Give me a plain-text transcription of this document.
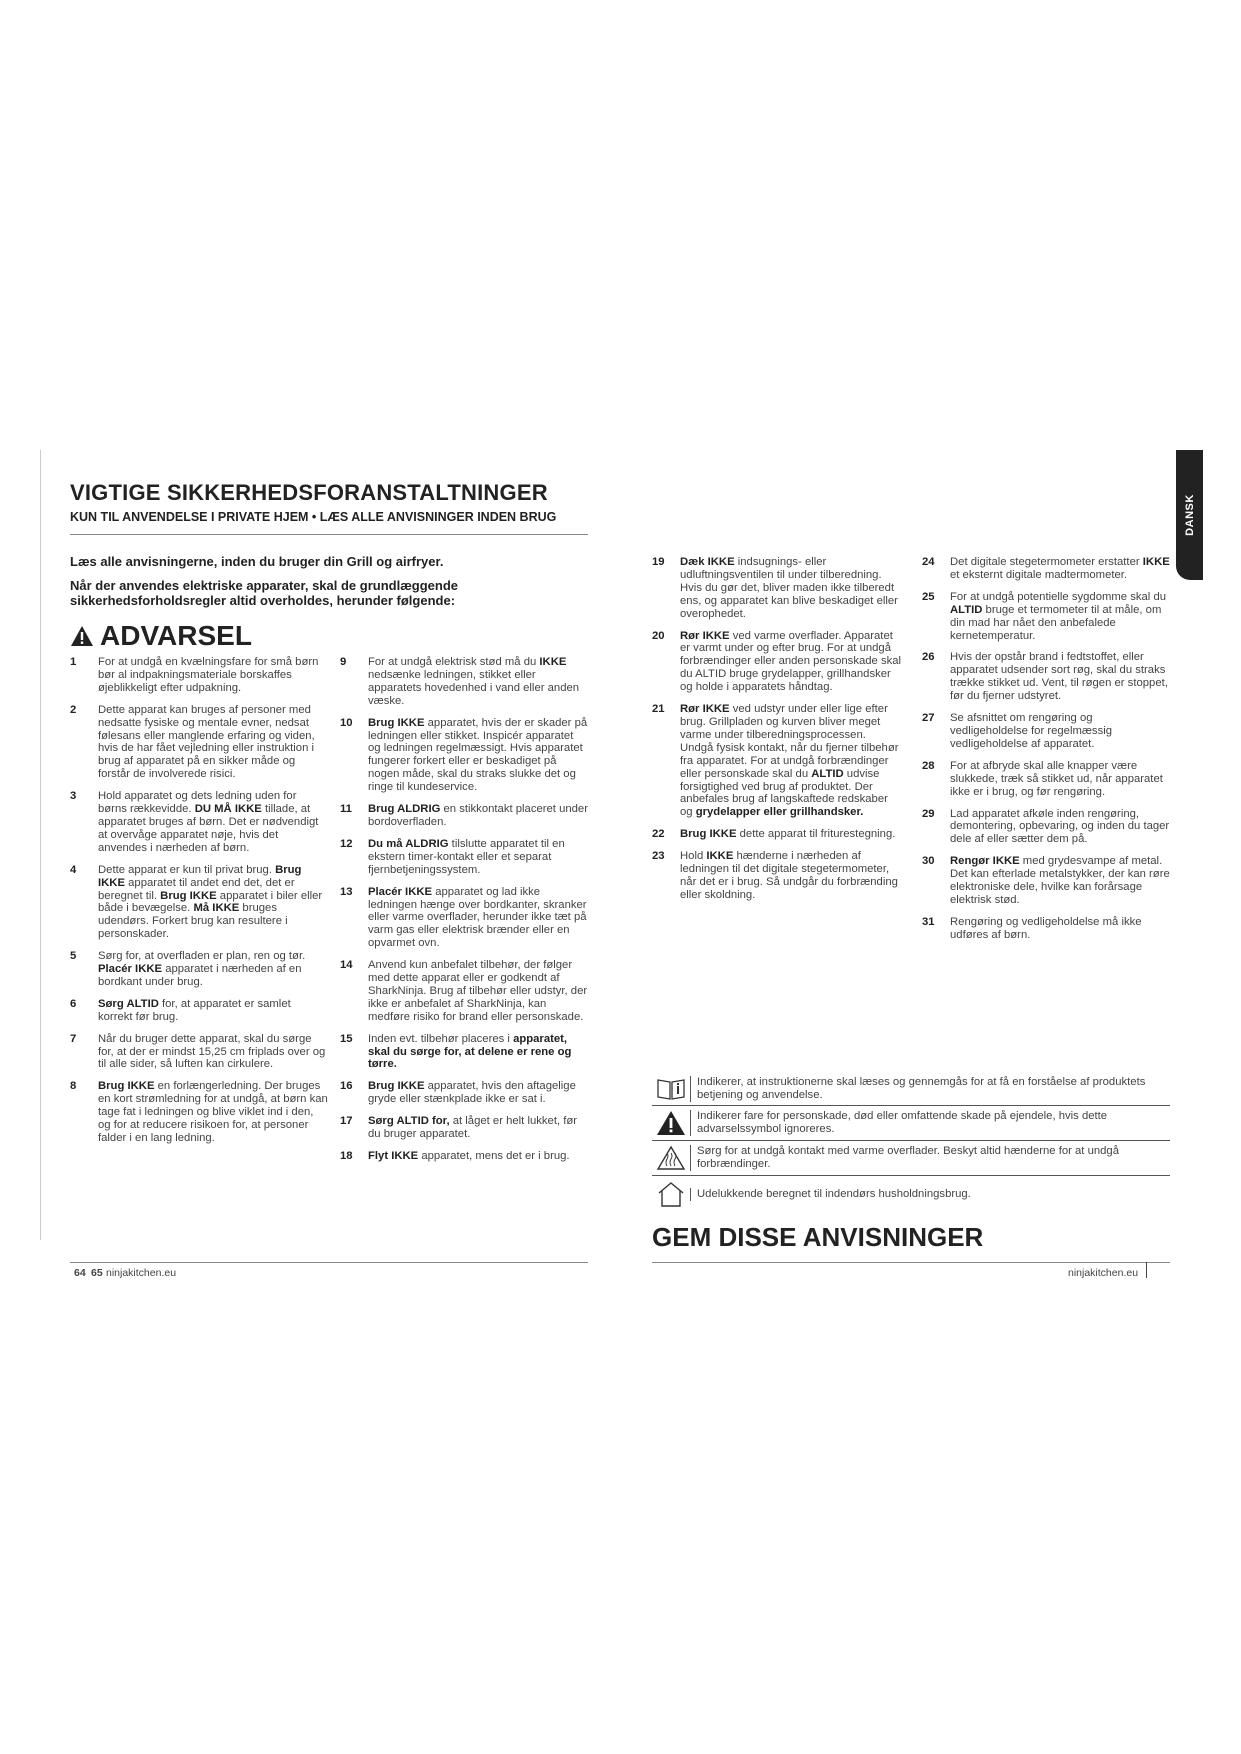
VIGTIGE SIKKERHEDSFORANSTALTNINGER
KUN TIL ANVENDELSE I PRIVATE HJEM • LÆS ALLE ANVISNINGER INDEN BRUG	DANSK
Læs alle anvisningerne, inden du bruger din Grill og airfryer.
Når der anvendes elektriske apparater, skal de grundlæggende sikkerhedsforholdsregler altid overholdes, herunder følgende:
ADVARSEL
1	For at undgå en kvælningsfare for små børn bør al indpakningsmateriale borskaffes øjeblikkeligt efter udpakning.
2	Dette apparat kan bruges af personer med nedsatte fysiske og mentale evner, nedsat følesans eller manglende erfaring og viden, hvis de har fået vejledning eller instruktion i brug af apparatet på en sikker måde og forstår de involverede risici.
3	Hold apparatet og dets ledning uden for børns rækkevidde. DU MÅ IKKE tillade, at apparatet bruges af børn. Det er nødvendigt at overvåge apparatet nøje, hvis det anvendes i nærheden af børn.
4	Dette apparat er kun til privat brug. Brug IKKE apparatet til andet end det, det er beregnet til. Brug IKKE apparatet i biler eller både i bevægelse. Må IKKE bruges udendørs. Forkert brug kan resultere i personskader.
5	Sørg for, at overfladen er plan, ren og tør. Placér IKKE apparatet i nærheden af en bordkant under brug.
6	Sørg ALTID for, at apparatet er samlet korrekt før brug.
7	Når du bruger dette apparat, skal du sørge for, at der er mindst 15,25 cm friplads over og til alle sider, så luften kan cirkulere.
8	Brug IKKE en forlængerledning. Der bruges en kort strømledning for at undgå, at børn kan tage fat i ledningen og blive viklet ind i den, og for at reducere risikoen for, at personer falder i en lang ledning.
9	For at undgå elektrisk stød må du IKKE nedsænke ledningen, stikket eller apparatets hovedenhed i vand eller anden væske.
10	Brug IKKE apparatet, hvis der er skader på ledningen eller stikket. Inspicér apparatet og ledningen regelmæssigt. Hvis apparatet fungerer forkert eller er beskadiget på nogen måde, skal du straks slukke det og ringe til kundeservice.
11	Brug ALDRIG en stikkontakt placeret under bordoverfladen.
12	Du må ALDRIG tilslutte apparatet til en ekstern timer-kontakt eller et separat fjernbetjeningssystem.
13	Placér IKKE apparatet og lad ikke ledningen hænge over bordkanter, skranker eller varme overflader, herunder ikke tæt på varm gas eller elektrisk brænder eller en opvarmet ovn.
14	Anvend kun anbefalet tilbehør, der følger med dette apparat eller er godkendt af SharkNinja. Brug af tilbehør eller udstyr, der ikke er anbefalet af SharkNinja, kan medføre risiko for brand eller personskade.
15	Inden evt. tilbehør placeres i apparatet, skal du sørge for, at delene er rene og tørre.
16	Brug IKKE apparatet, hvis den aftagelige gryde eller stænkplade ikke er sat i.
17	Sørg ALTID for, at låget er helt lukket, før du bruger apparatet.
18	Flyt IKKE apparatet, mens det er i brug.
19	Dæk IKKE indsugnings- eller udluftningsventilen til under tilberedning. Hvis du gør det, bliver maden ikke tilberedt ens, og apparatet kan blive beskadiget eller overophedet.
20	Rør IKKE ved varme overflader. Apparatet er varmt under og efter brug. For at undgå forbrændinger eller anden personskade skal du ALTID bruge grydelapper, grillhandsker og holde i apparatets håndtag.
21	Rør IKKE ved udstyr under eller lige efter brug. Grillpladen og kurven bliver meget varme under tilberedningsprocessen. Undgå fysisk kontakt, når du fjerner tilbehør fra apparatet. For at undgå forbrændinger eller personskade skal du ALTID udvise forsigtighed ved brug af produktet. Der anbefales brug af langskaftede redskaber og grydelapper eller grillhandsker.
22	Brug IKKE dette apparat til friturestegning.
23	Hold IKKE hænderne i nærheden af ledningen til det digitale stegetermometer, når det er i brug. Så undgår du forbrænding eller skoldning.
24	Det digitale stegetermometer erstatter IKKE et eksternt digitale madtermometer.
25	For at undgå potentielle sygdomme skal du ALTID bruge et termometer til at måle, om din mad har nået den anbefalede kernetemperatur.
26	Hvis der opstår brand i fedtstoffet, eller apparatet udsender sort røg, skal du straks trække stikket ud. Vent, til røgen er stoppet, før du fjerner udstyret.
27	Se afsnittet om rengøring og vedligeholdelse for regelmæssig vedligeholdelse af apparatet.
28	For at afbryde skal alle knapper være slukkede, træk så stikket ud, når apparatet ikke er i brug, og før rengøring.
29	Lad apparatet afkøle inden rengøring, demontering, opbevaring, og inden du tager dele af eller sætter dem på.
30	Rengør IKKE med grydesvampe af metal. Det kan efterlade metalstykker, der kan røre elektroniske dele, hvilke kan forårsage elektrisk stød.
31	Rengøring og vedligeholdelse må ikke udføres af børn.
Indikerer, at instruktionerne skal læses og gennemgås for at få en forståelse af produktets betjening og anvendelse.
Indikerer fare for personskade, død eller omfattende skade på ejendele, hvis dette advarselssymbol ignoreres.
Sørg for at undgå kontakt med varme overflader. Beskyt altid hænderne for at undgå forbrændinger.
Udelukkende beregnet til indendørs husholdningsbrug.
GEM DISSE ANVISNINGER
64 65 ninjakitchen.eu	ninjakitchen.eu
